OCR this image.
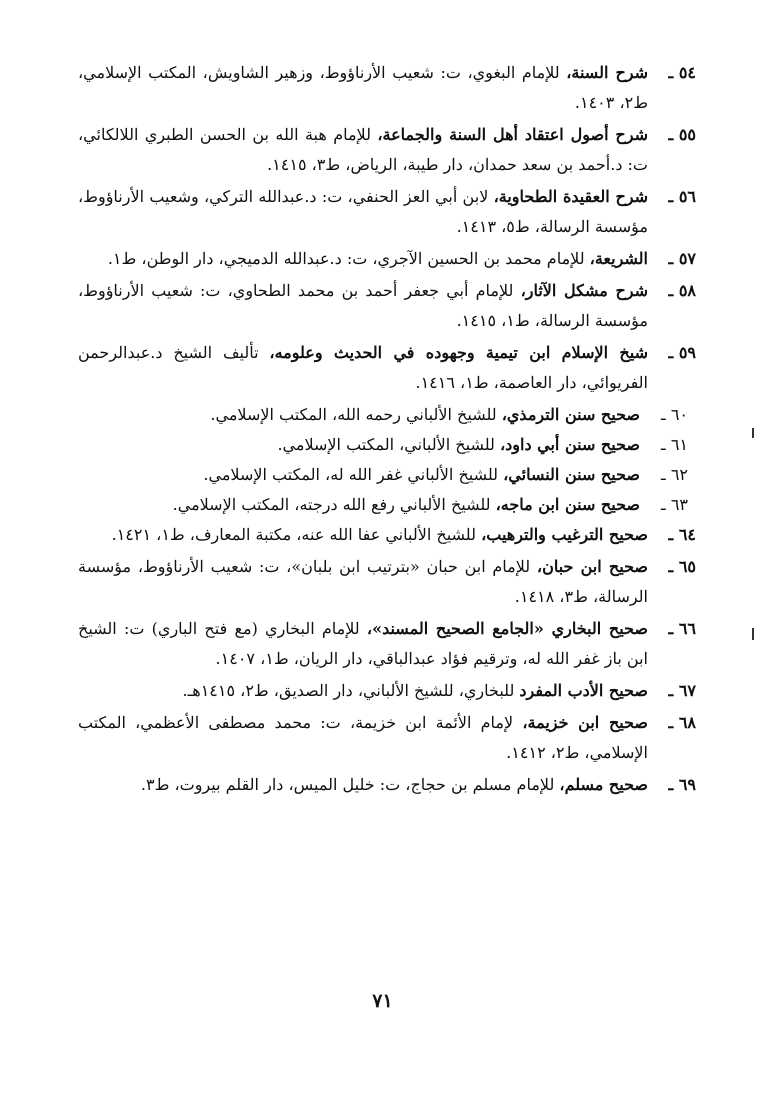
٥٤ ـ
شرح السنة، للإمام البغوي، ت: شعيب الأرناؤوط، وزهير الشاويش، المكتب الإسلامي، ط٢، ١٤٠٣.

٥٥ ـ
شرح أصول اعتقاد أهل السنة والجماعة، للإمام هبة الله بن الحسن الطبري اللالكائي، ت: د.أحمد بن سعد حمدان، دار طيبة، الرياض، ط٣، ١٤١٥.

٥٦ ـ
شرح العقيدة الطحاوية، لابن أبي العز الحنفي، ت: د.عبدالله التركي، وشعيب الأرناؤوط، مؤسسة الرسالة، ط٥، ١٤١٣.

٥٧ ـ
الشريعة، للإمام محمد بن الحسين الآجري، ت: د.عبدالله الدميجي، دار الوطن، ط١.

٥٨ ـ
شرح مشكل الآثار، للإمام أبي جعفر أحمد بن محمد الطحاوي، ت: شعيب الأرناؤوط، مؤسسة الرسالة، ط١، ١٤١٥.

٥٩ ـ
شيخ الإسلام ابن تيمية وجهوده في الحديث وعلومه، تأليف الشيخ د.عبدالرحمن الفريوائي، دار العاصمة، ط١، ١٤١٦.

٦٠ ـ
صحيح سنن الترمذي، للشيخ الألباني رحمه الله، المكتب الإسلامي.

٦١ ـ
صحيح سنن أبي داود، للشيخ الألباني، المكتب الإسلامي.

٦٢ ـ
صحيح سنن النسائي، للشيخ الألباني غفر الله له، المكتب الإسلامي.

٦٣ ـ
صحيح سنن ابن ماجه، للشيخ الألباني رفع الله درجته، المكتب الإسلامي.

٦٤ ـ
صحيح الترغيب والترهيب، للشيخ الألباني عفا الله عنه، مكتبة المعارف، ط١، ١٤٢١.

٦٥ ـ
صحيح ابن حبان، للإمام ابن حبان «بترتيب ابن بلبان»، ت: شعيب الأرناؤوط، مؤسسة الرسالة، ط٣، ١٤١٨.

٦٦ ـ
صحيح البخاري «الجامع الصحيح المسند»، للإمام البخاري (مع فتح الباري) ت: الشيخ ابن باز غفر الله له، وترقيم فؤاد عبدالباقي، دار الريان، ط١، ١٤٠٧.

٦٧ ـ
صحيح الأدب المفرد للبخاري، للشيخ الألباني، دار الصديق، ط٢، ١٤١٥هـ.

٦٨ ـ
صحيح ابن خزيمة، لإمام الأئمة ابن خزيمة، ت: محمد مصطفى الأعظمي، المكتب الإسلامي، ط٢، ١٤١٢.

٦٩ ـ
صحيح مسلم، للإمام مسلم بن حجاج، ت: خليل الميس، دار القلم بيروت، ط٣.

٧١
